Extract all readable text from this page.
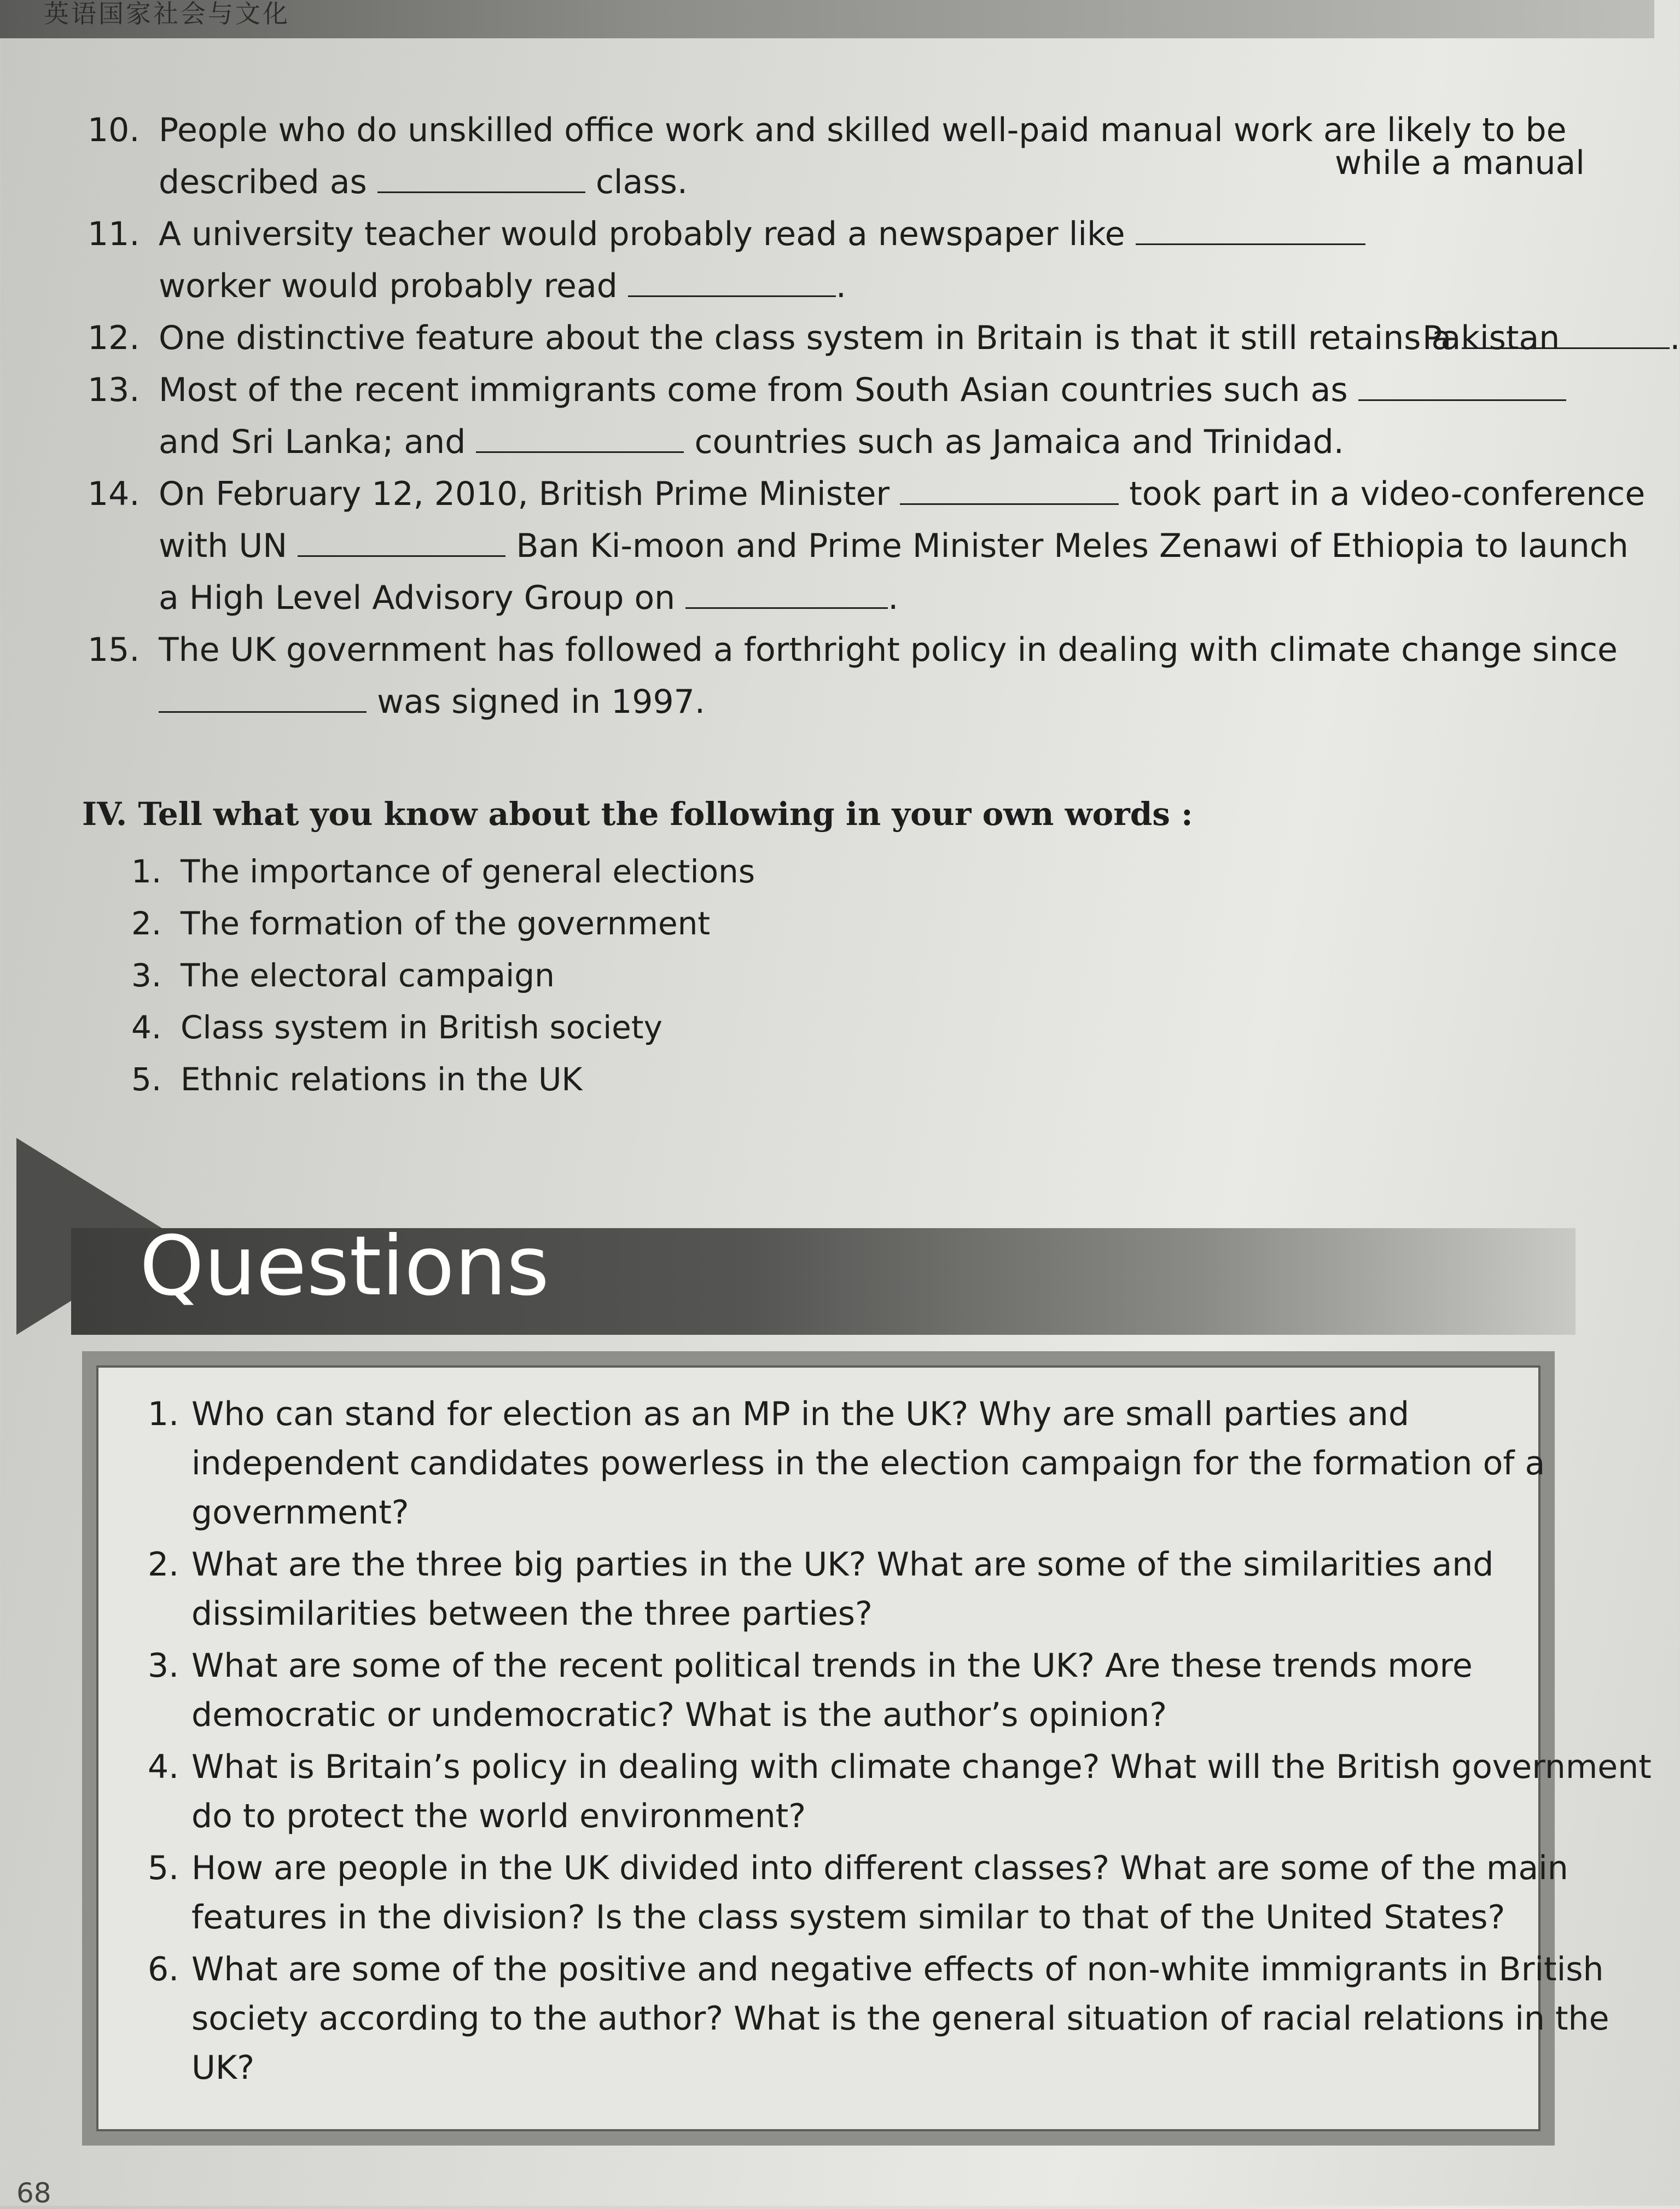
英语国家社会与文化
10. People who do unskilled office work and skilled well-paid manual work are likely to be
described as	class.
11. A university teacher would probably read a newspaper like
while a manual
worker would probably read	.
12. One distinctive feature about the class system in Britain is that it still retains a	.
13. Most of the recent immigrants come from South Asian countries such as
Pakistan
and Sri Lanka; and	countries such as Jamaica and Trinidad.
14. On February 12, 2010, British Prime Minister	took part in a video-conference
with UN	Ban Ki-moon and Prime Minister Meles Zenawi of Ethiopia to launch
a High Level Advisory Group on	.
15. The UK government has followed a forthright policy in dealing with climate change since
was signed in 1997.
IV. Tell what you know about the following in your own words :
1. The importance of general elections
2. The formation of the government
3. The electoral campaign
4. Class system in British society
5. Ethnic relations in the UK
Questions
1. Who can stand for election as an MP in the UK? Why are small parties and
independent candidates powerless in the election campaign for the formation of a
government?
2. What are the three big parties in the UK? What are some of the similarities and
dissimilarities between the three parties?
3. What are some of the recent political trends in the UK? Are these trends more
democratic or undemocratic? What is the author’s opinion?
4. What is Britain’s policy in dealing with climate change? What will the British government
do to protect the world environment?
5. How are people in the UK divided into different classes? What are some of the main
features in the division? Is the class system similar to that of the United States?
6. What are some of the positive and negative effects of non-white immigrants in British
society according to the author? What is the general situation of racial relations in the
UK?
68
